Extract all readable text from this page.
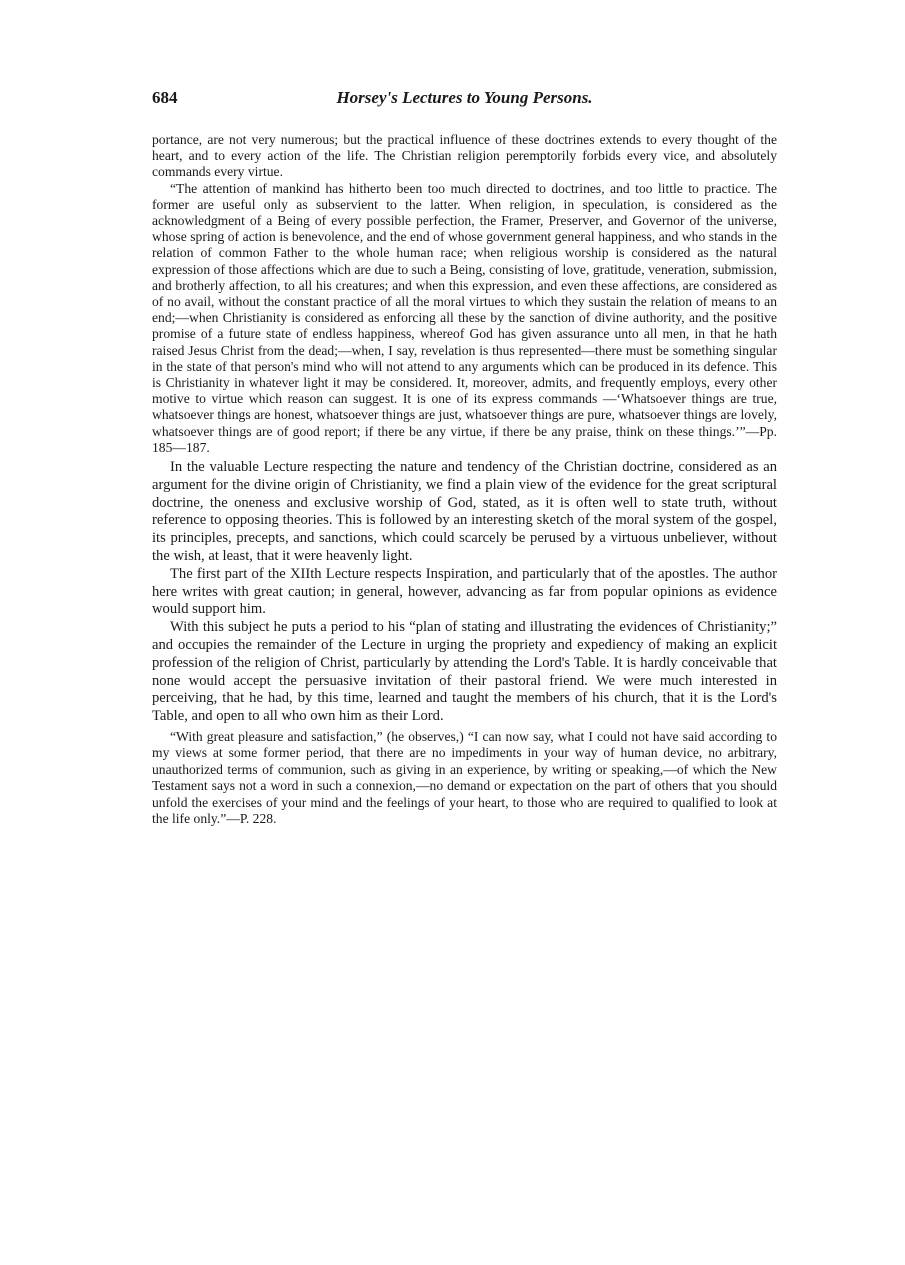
684	Horsey's Lectures to Young Persons.

portance, are not very numerous; but the practical influence of these doctrines extends to every thought of the heart, and to every action of the life. The Christian religion peremptorily forbids every vice, and absolutely commands every virtue.

“The attention of mankind has hitherto been too much directed to doctrines, and too little to practice. The former are useful only as subservient to the latter. When religion, in speculation, is considered as the acknowledgment of a Being of every possible perfection, the Framer, Preserver, and Governor of the universe, whose spring of action is benevolence, and the end of whose government general happiness, and who stands in the relation of common Father to the whole human race; when religious worship is considered as the natural expression of those affections which are due to such a Being, consisting of love, gratitude, veneration, submission, and brotherly affection, to all his creatures; and when this expression, and even these affections, are considered as of no avail, without the constant practice of all the moral virtues to which they sustain the relation of means to an end;—when Christianity is considered as enforcing all these by the sanction of divine authority, and the positive promise of a future state of endless happiness, whereof God has given assurance unto all men, in that he hath raised Jesus Christ from the dead;—when, I say, revelation is thus represented—there must be something singular in the state of that person's mind who will not attend to any arguments which can be produced in its defence. This is Christianity in whatever light it may be considered. It, moreover, admits, and frequently employs, every other motive to virtue which reason can suggest. It is one of its express commands —‘Whatsoever things are true, whatsoever things are honest, whatsoever things are just, whatsoever things are pure, whatsoever things are lovely, whatsoever things are of good report; if there be any virtue, if there be any praise, think on these things.’”—Pp. 185—187.

In the valuable Lecture respecting the nature and tendency of the Christian doctrine, considered as an argument for the divine origin of Christianity, we find a plain view of the evidence for the great scriptural doctrine, the oneness and exclusive worship of God, stated, as it is often well to state truth, without reference to opposing theories. This is followed by an interesting sketch of the moral system of the gospel, its principles, precepts, and sanctions, which could scarcely be perused by a virtuous unbeliever, without the wish, at least, that it were heavenly light.

The first part of the XIIth Lecture respects Inspiration, and particularly that of the apostles. The author here writes with great caution; in general, however, advancing as far from popular opinions as evidence would support him.

With this subject he puts a period to his “plan of stating and illustrating the evidences of Christianity;” and occupies the remainder of the Lecture in urging the propriety and expediency of making an explicit profession of the religion of Christ, particularly by attending the Lord's Table. It is hardly conceivable that none would accept the persuasive invitation of their pastoral friend. We were much interested in perceiving, that he had, by this time, learned and taught the members of his church, that it is the Lord's Table, and open to all who own him as their Lord.

“With great pleasure and satisfaction,” (he observes,) “I can now say, what I could not have said according to my views at some former period, that there are no impediments in your way of human device, no arbitrary, unauthorized terms of communion, such as giving in an experience, by writing or speaking,—of which the New Testament says not a word in such a connexion,—no demand or expectation on the part of others that you should unfold the exercises of your mind and the feelings of your heart, to those who are required to qualified to look at the life only.”—P. 228.
